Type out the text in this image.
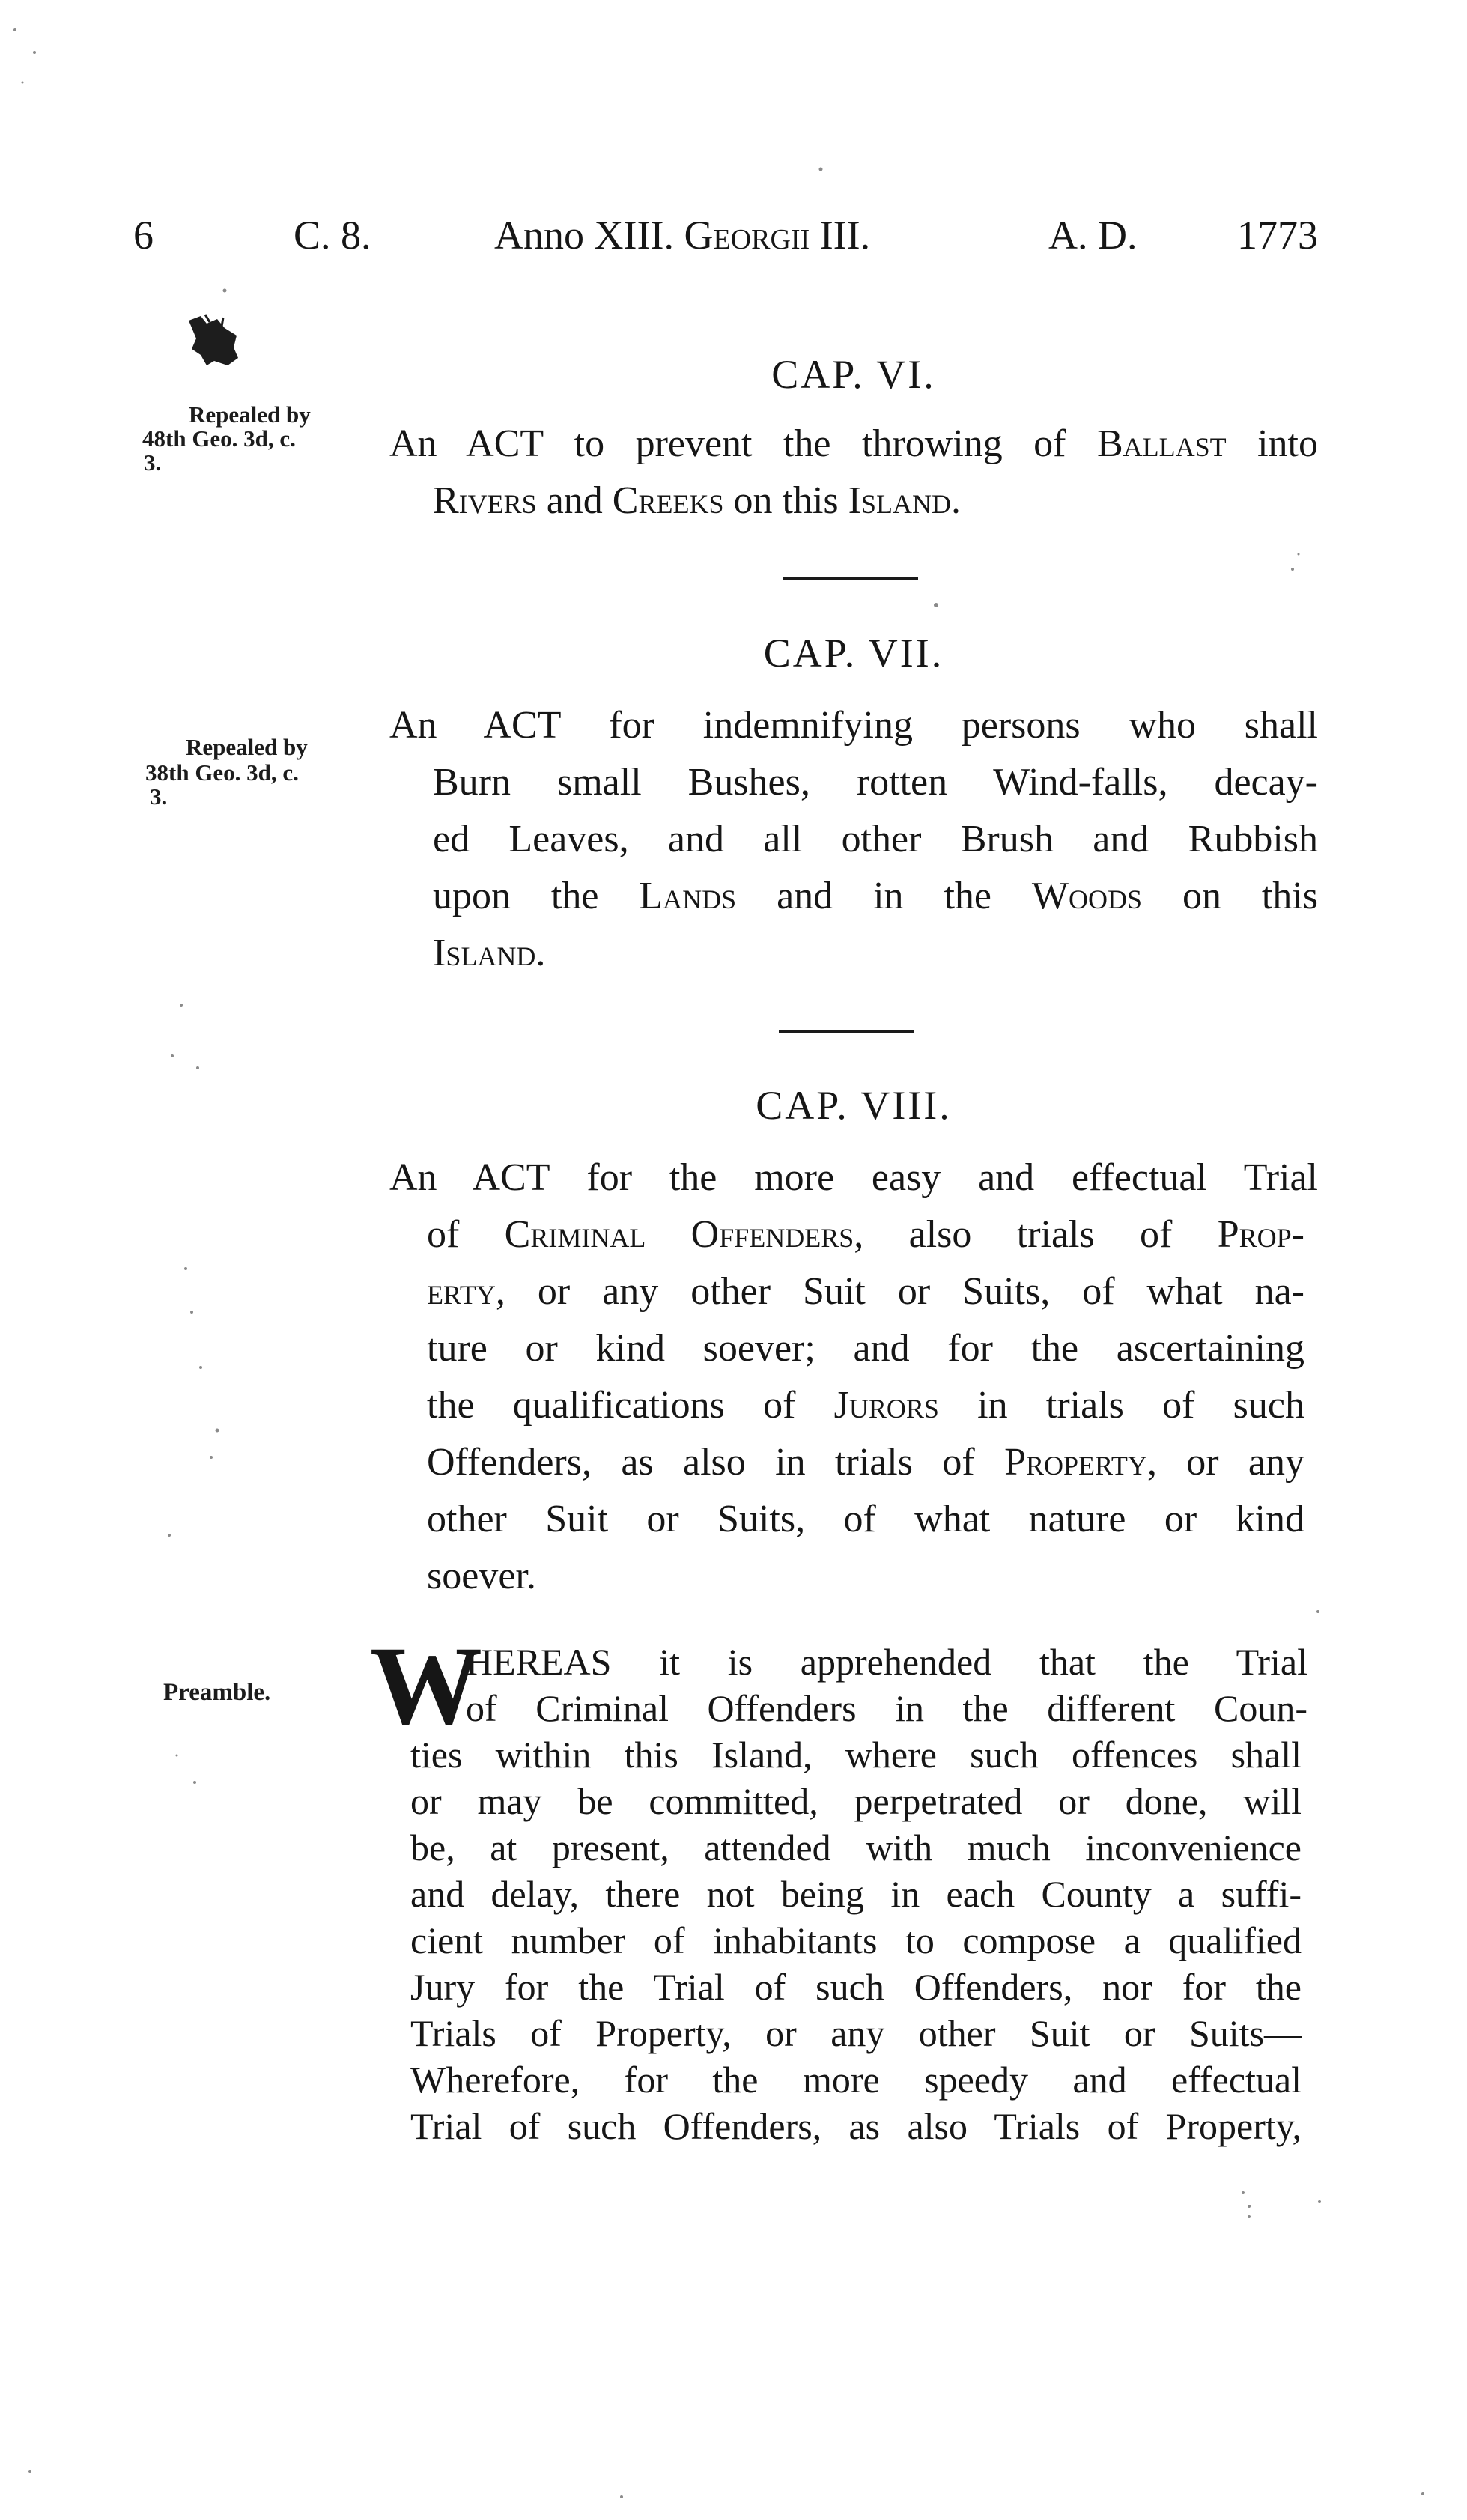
6	C. 8.	Anno XIII. Georgii III.	A. D. 1773
CAP. VI.
Repealed by
48th Geo. 3d, c.
3.	An ACT to prevent the throwing of Ballast into
Rivers and Creeks on this Island.
CAP. VII.
Repealed by
38th Geo. 3d, c.
3.
An ACT for indemnifying persons who shall
Burn small Bushes, rotten Wind-falls, decay-
ed Leaves, and all other Brush and Rubbish
upon the Lands and in the Woods on this
Island.
CAP. VIII.
An ACT for the more easy and effectual Trial
of Criminal Offenders, also trials of Prop-
erty, or any other Suit or Suits, of what na-
ture or kind soever; and for the ascertaining
the qualifications of Jurors in trials of such
Offenders, as also in trials of Property, or any
other Suit or Suits, of what nature or kind
soever.
Preamble. W
HEREAS it is apprehended that the Trial
of Criminal Offenders in the different Coun-
ties within this Island, where such offences shall
or may be committed, perpetrated or done, will
be, at present, attended with much inconvenience
and delay, there not being in each County a suffi-
cient number of inhabitants to compose a qualified
Jury for the Trial of such Offenders, nor for the
Trials of Property, or any other Suit or Suits—
Wherefore, for the more speedy and effectual
Trial of such Offenders, as also Trials of Property,
